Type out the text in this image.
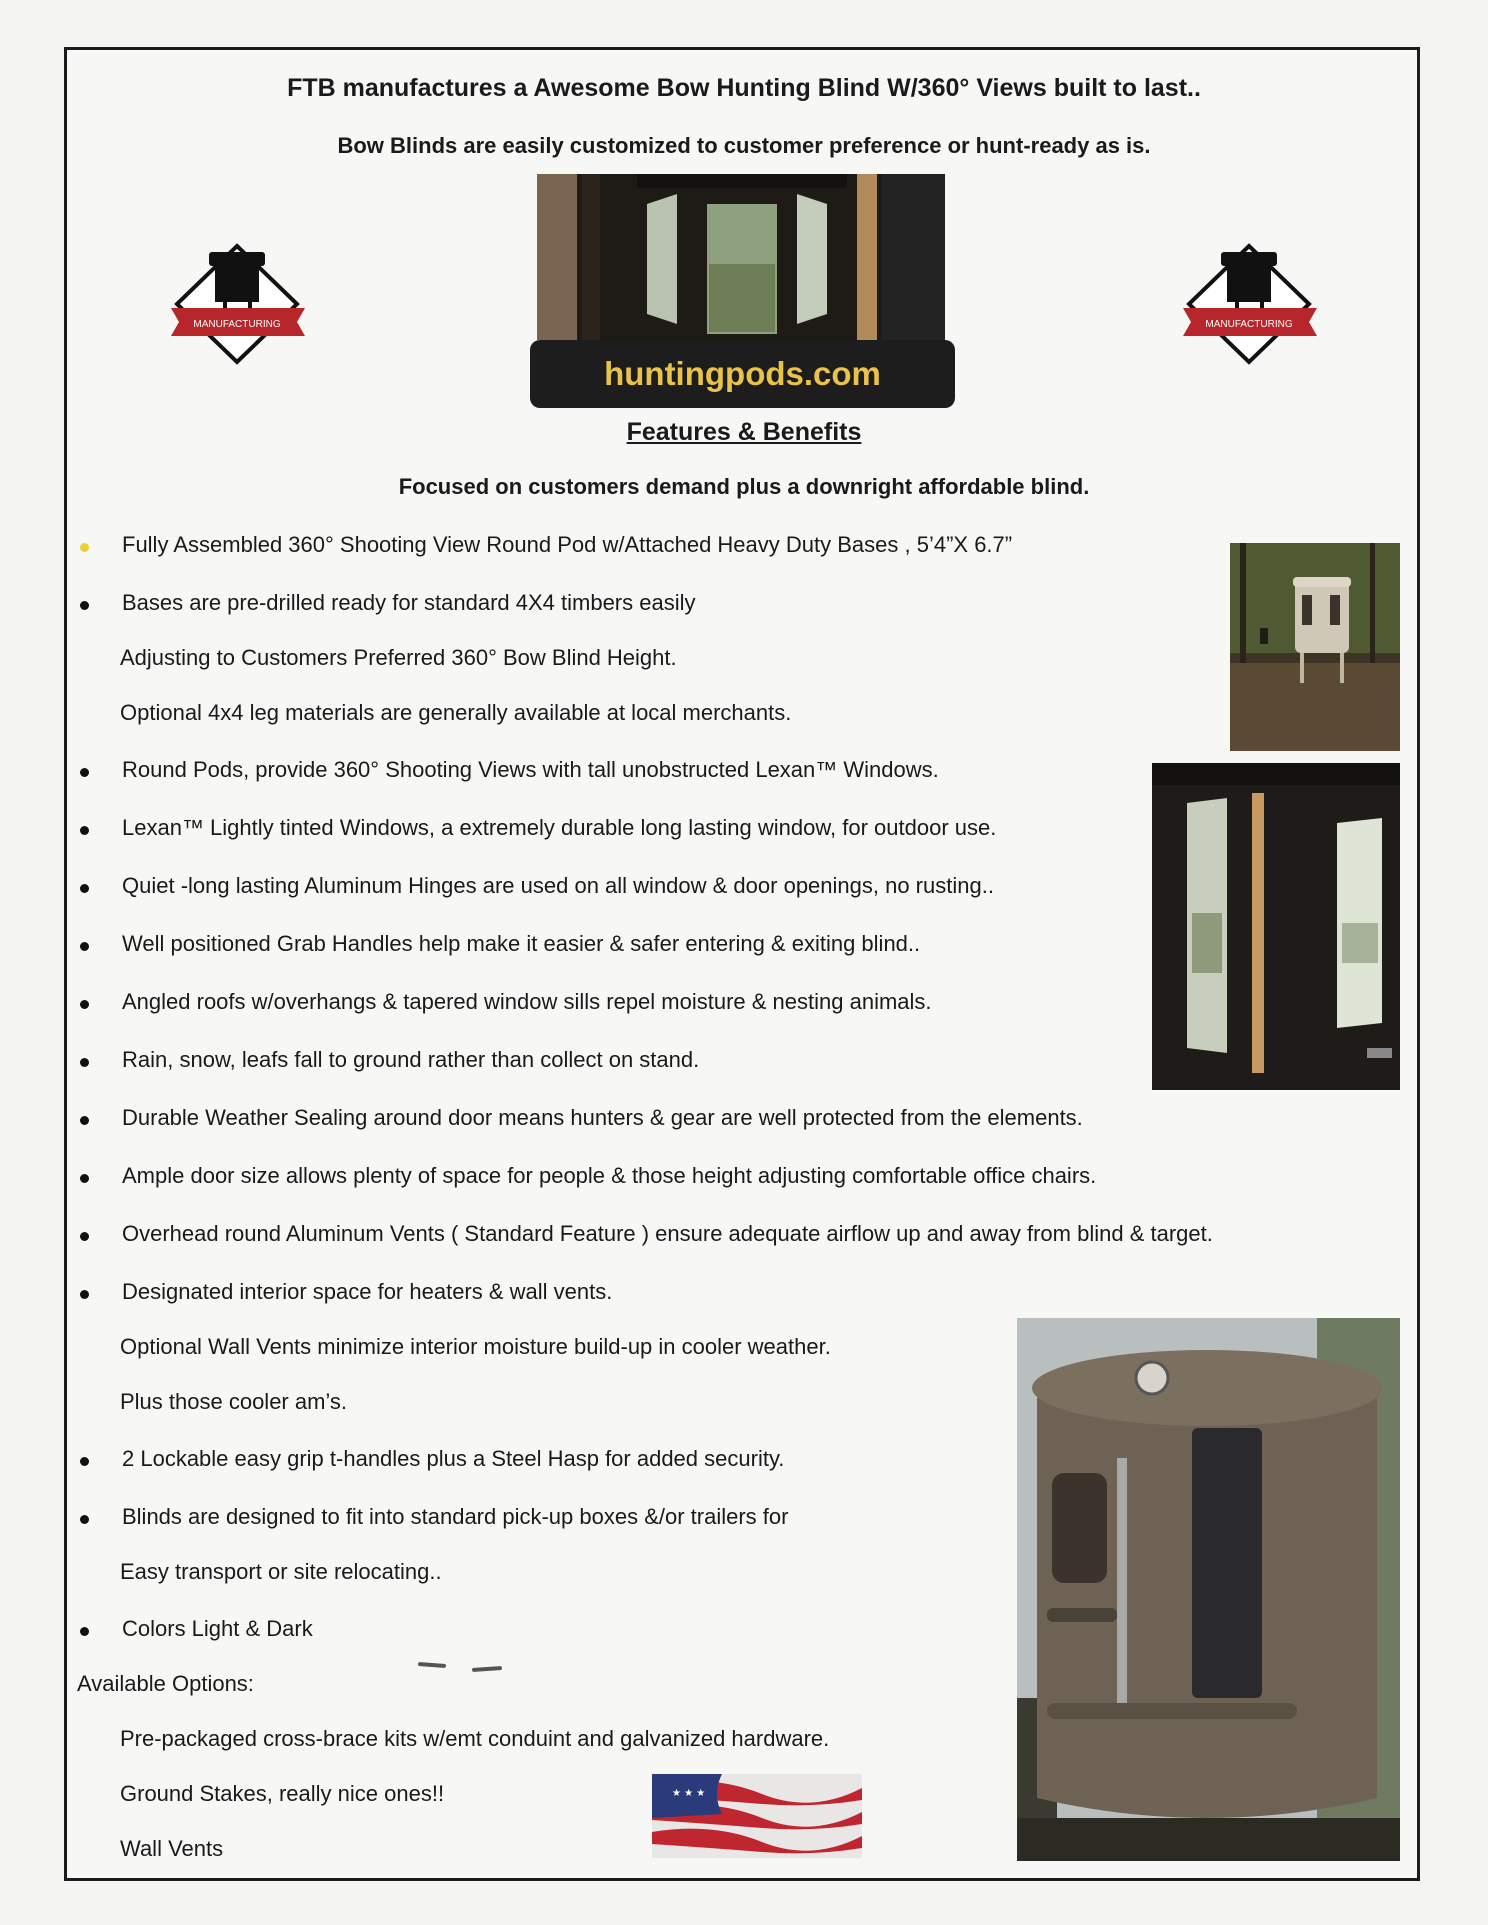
FTB manufactures a Awesome Bow Hunting Blind W/360° Views built to last..
Bow Blinds are easily customized to customer preference or hunt-ready as is.
huntingpods.com
MANUFACTURING	MANUFACTURING
Features & Benefits
Focused on customers demand plus a downright affordable blind.
Fully Assembled 360° Shooting View Round Pod w/Attached Heavy Duty Bases , 5’4”X 6.7”
Bases are pre-drilled ready for standard 4X4 timbers easily
Adjusting to Customers Preferred 360° Bow Blind Height.
Optional 4x4 leg materials are generally available at local merchants.
Round Pods, provide 360° Shooting Views with tall unobstructed Lexan™ Windows.
Lexan™ Lightly tinted Windows, a extremely durable long lasting window, for outdoor use.
Quiet -long lasting Aluminum Hinges are used on all window & door openings, no rusting..
Well positioned Grab Handles help make it easier & safer entering & exiting blind..
Angled roofs w/overhangs & tapered window sills repel moisture & nesting animals.
Rain, snow, leafs fall to ground rather than collect on stand.
Durable Weather Sealing around door means hunters & gear are well protected from the elements.
Ample door size allows plenty of space for people & those height adjusting comfortable office chairs.
Overhead round Aluminum Vents ( Standard Feature ) ensure adequate airflow up and away from blind & target.
Designated interior space for heaters & wall vents.
Optional Wall Vents minimize interior moisture build-up in cooler weather.
Plus those cooler am’s.
2 Lockable easy grip t-handles plus a Steel Hasp for added security.
Blinds are designed to fit into standard pick-up boxes &/or trailers for
Easy transport or site relocating..
Colors Light & Dark
Available Options:
Pre-packaged cross-brace kits w/emt conduint and galvanized hardware.
Ground Stakes, really nice ones!!
Wall Vents
★ ★ ★
